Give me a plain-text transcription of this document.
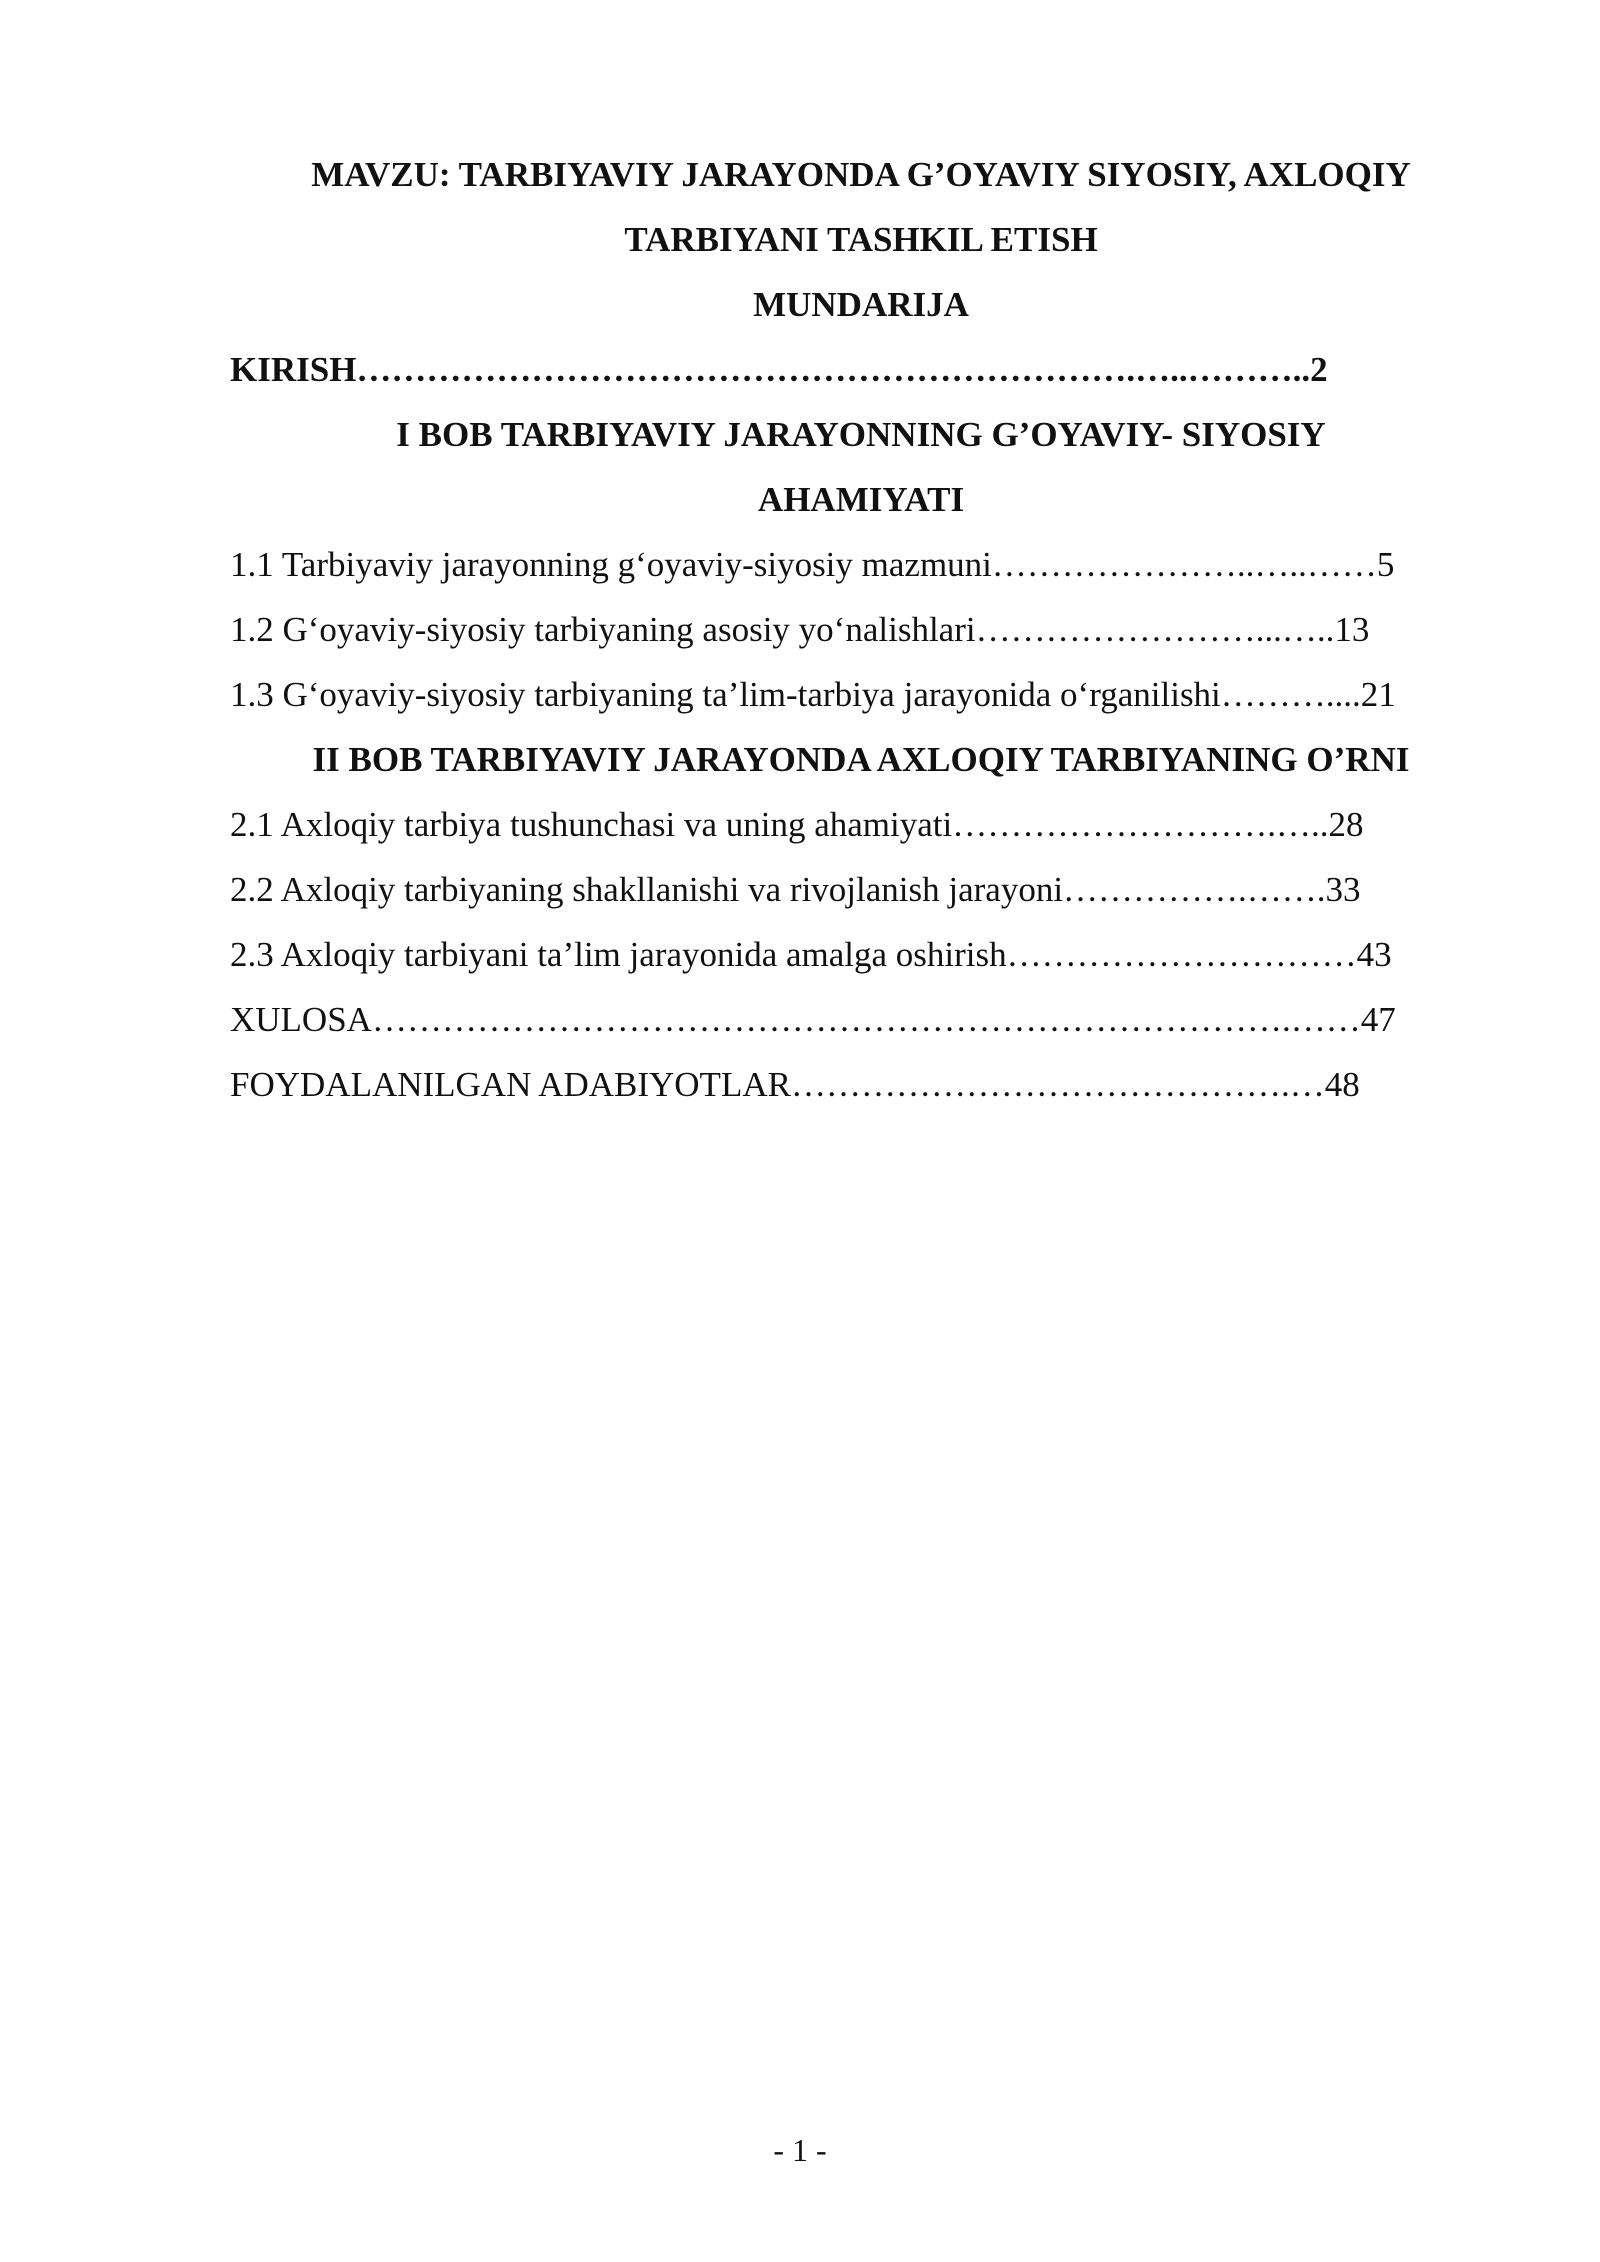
MAVZU: TARBIYAVIY JARAYONDA G’OYAVIY SIYOSIY, AXLOQIY
TARBIYANI TASHKIL ETISH
MUNDARIJA
KIRISH………………………………………………………….…..………..2
I BOB TARBIYAVIY JARAYONNING G’OYAVIY- SIYOSIY
AHAMIYATI
1.1 Tarbiyaviy jarayonning g‘oyaviy-siyosiy mazmuni…………………..…..……5
1.2 G‘oyaviy-siyosiy tarbiyaning asosiy yo‘nalishlari……………………...…..13
1.3 G‘oyaviy-siyosiy tarbiyaning ta’lim-tarbiya jarayonida o‘rganilishi………....21
II BOB TARBIYAVIY JARAYONDA AXLOQIY TARBIYANING O’RNI
2.1 Axloqiy tarbiya tushunchasi va uning ahamiyati……………………….…..28
2.2 Axloqiy tarbiyaning shakllanishi va rivojlanish jarayoni…………….…….33
2.3 Axloqiy tarbiyani ta’lim jarayonida amalga oshirish…………………………43
XULOSA…………………………………………………………………….……47
FOYDALANILGAN ADABIYOTLAR…………………………………….…48
- 1 -
